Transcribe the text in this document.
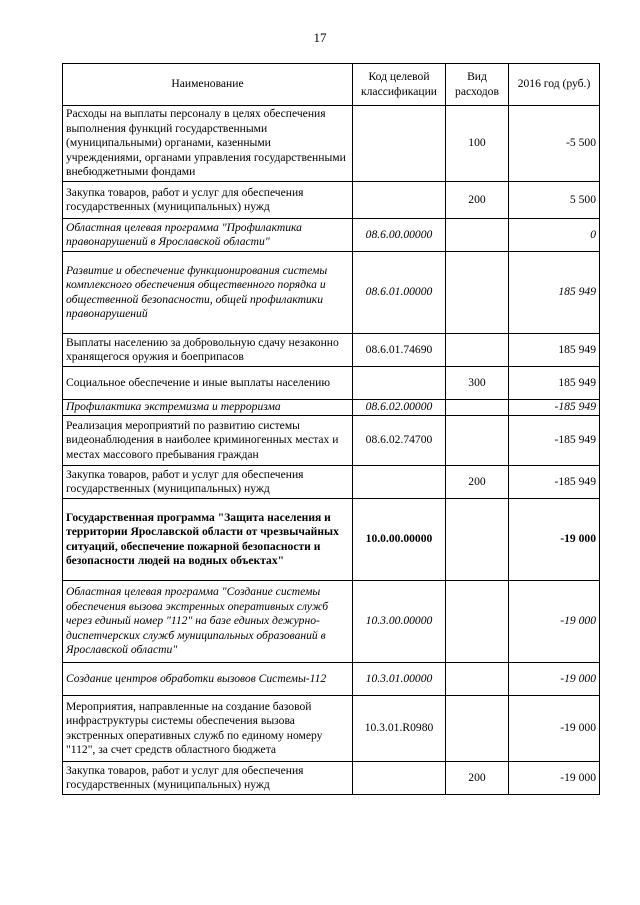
17
Наименование	Код целевой классификации	Вид расходов	2016 год (руб.)
Расходы на выплаты персоналу в целях обеспечения выполнения функций государственными (муниципальными) органами, казенными учреждениями, органами управления государственными внебюджетными фондами		100	-5 500
Закупка товаров, работ и услуг для обеспечения государственных (муниципальных) нужд		200	5 500
Областная целевая программа "Профилактика правонарушений в Ярославской области"	08.6.00.00000		0
Развитие и обеспечение функционирования системы комплексного обеспечения общественного порядка и общественной безопасности, общей профилактики правонарушений	08.6.01.00000		185 949
Выплаты населению за добровольную сдачу незаконно хранящегося оружия и боеприпасов	08.6.01.74690		185 949
Социальное обеспечение и иные выплаты населению		300	185 949
Профилактика экстремизма и терроризма	08.6.02.00000		-185 949
Реализация мероприятий по развитию системы видеонаблюдения в наиболее криминогенных местах и местах массового пребывания граждан	08.6.02.74700		-185 949
Закупка товаров, работ и услуг для обеспечения государственных (муниципальных) нужд		200	-185 949
Государственная программа "Защита населения и территории Ярославской области от чрезвычайных ситуаций, обеспечение пожарной безопасности и безопасности людей на водных объектах"	10.0.00.00000		-19 000
Областная целевая программа "Создание системы обеспечения вызова экстренных оперативных служб через единый номер "112" на базе единых дежурно-диспетчерских служб муниципальных образований в Ярославской области"	10.3.00.00000		-19 000
Создание центров обработки вызовов Системы-112	10.3.01.00000		-19 000
Мероприятия, направленные на создание базовой инфраструктуры системы обеспечения вызова экстренных оперативных служб по единому номеру "112", за счет средств областного бюджета	10.3.01.R0980		-19 000
Закупка товаров, работ и услуг для обеспечения государственных (муниципальных) нужд		200	-19 000
